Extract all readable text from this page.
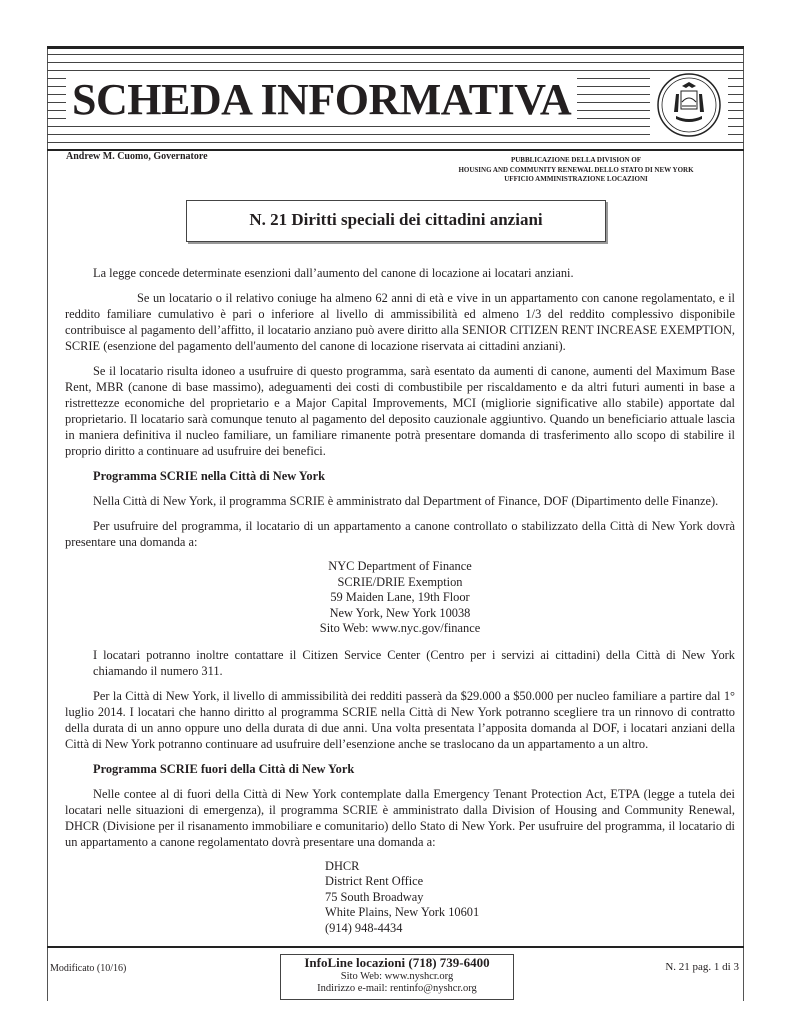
SCHEDA INFORMATIVA
Andrew M. Cuomo, Governatore	PUBBLICAZIONE DELLA DIVISION OF
HOUSING AND COMMUNITY RENEWAL DELLO STATO DI NEW YORK
UFFICIO AMMINISTRAZIONE LOCAZIONI
N. 21 Diritti speciali dei cittadini anziani

La legge concede determinate esenzioni dall’aumento del canone di locazione ai locatari anziani.

Se un locatario o il relativo coniuge ha almeno 62 anni di età e vive in un appartamento con canone regolamentato, e il reddito familiare cumulativo è pari o inferiore al livello di ammissibilità ed almeno 1/3 del reddito complessivo disponibile contribuisce al pagamento dell’affitto, il locatario anziano può avere diritto alla SENIOR CITIZEN RENT INCREASE EXEMPTION, SCRIE (esenzione del pagamento dell'aumento del canone di locazione riservata ai cittadini anziani).

Se il locatario risulta idoneo a usufruire di questo programma, sarà esentato da aumenti di canone, aumenti del Maximum Base Rent, MBR (canone di base massimo), adeguamenti dei costi di combustibile per riscaldamento e da altri futuri aumenti in base a ristrettezze economiche del proprietario e a Major Capital Improvements, MCI (migliorie significative allo stabile) apportate dal proprietario. Il locatario sarà comunque tenuto al pagamento del deposito cauzionale aggiuntivo. Quando un beneficiario attuale lascia in maniera definitiva il nucleo familiare, un familiare rimanente potrà presentare domanda di trasferimento allo scopo di stabilire il proprio diritto a continuare ad usufruire dei benefici.

Programma SCRIE nella Città di New York

Nella Città di New York, il programma SCRIE è amministrato dal Department of Finance, DOF (Dipartimento delle Finanze).

Per usufruire del programma, il locatario di un appartamento a canone controllato o stabilizzato della Città di New York dovrà presentare una domanda a:

NYC Department of Finance
SCRIE/DRIE Exemption
59 Maiden Lane, 19th Floor
New York, New York 10038
Sito Web: www.nyc.gov/finance

I locatari potranno inoltre contattare il Citizen Service Center (Centro per i servizi ai cittadini) della Città di New York chiamando il numero 311.

Per la Città di New York, il livello di ammissibilità dei redditi passerà da $29.000 a $50.000 per nucleo familiare a partire dal 1° luglio 2014. I locatari che hanno diritto al programma SCRIE nella Città di New York potranno scegliere tra un rinnovo di contratto della durata di un anno oppure uno della durata di due anni. Una volta presentata l’apposita domanda al DOF, i locatari anziani della Città di New York potranno continuare ad usufruire dell’esenzione anche se traslocano da un appartamento a un altro.

Programma SCRIE fuori della Città di New York

Nelle contee al di fuori della Città di New York contemplate dalla Emergency Tenant Protection Act, ETPA (legge a tutela dei locatari nelle situazioni di emergenza), il programma SCRIE è amministrato dalla Division of Housing and Community Renewal, DHCR (Divisione per il risanamento immobiliare e comunitario) dello Stato di New York. Per usufruire del programma, il locatario di un appartamento a canone regolamentato dovrà presentare una domanda a:

DHCR
District Rent Office
75 South Broadway
White Plains, New York 10601
(914) 948-4434
Modificato (10/16)	InfoLine locazioni (718) 739-6400
Sito Web: www.nyshcr.org
Indirizzo e-mail: rentinfo@nyshcr.org
N. 21 pag. 1 di 3
